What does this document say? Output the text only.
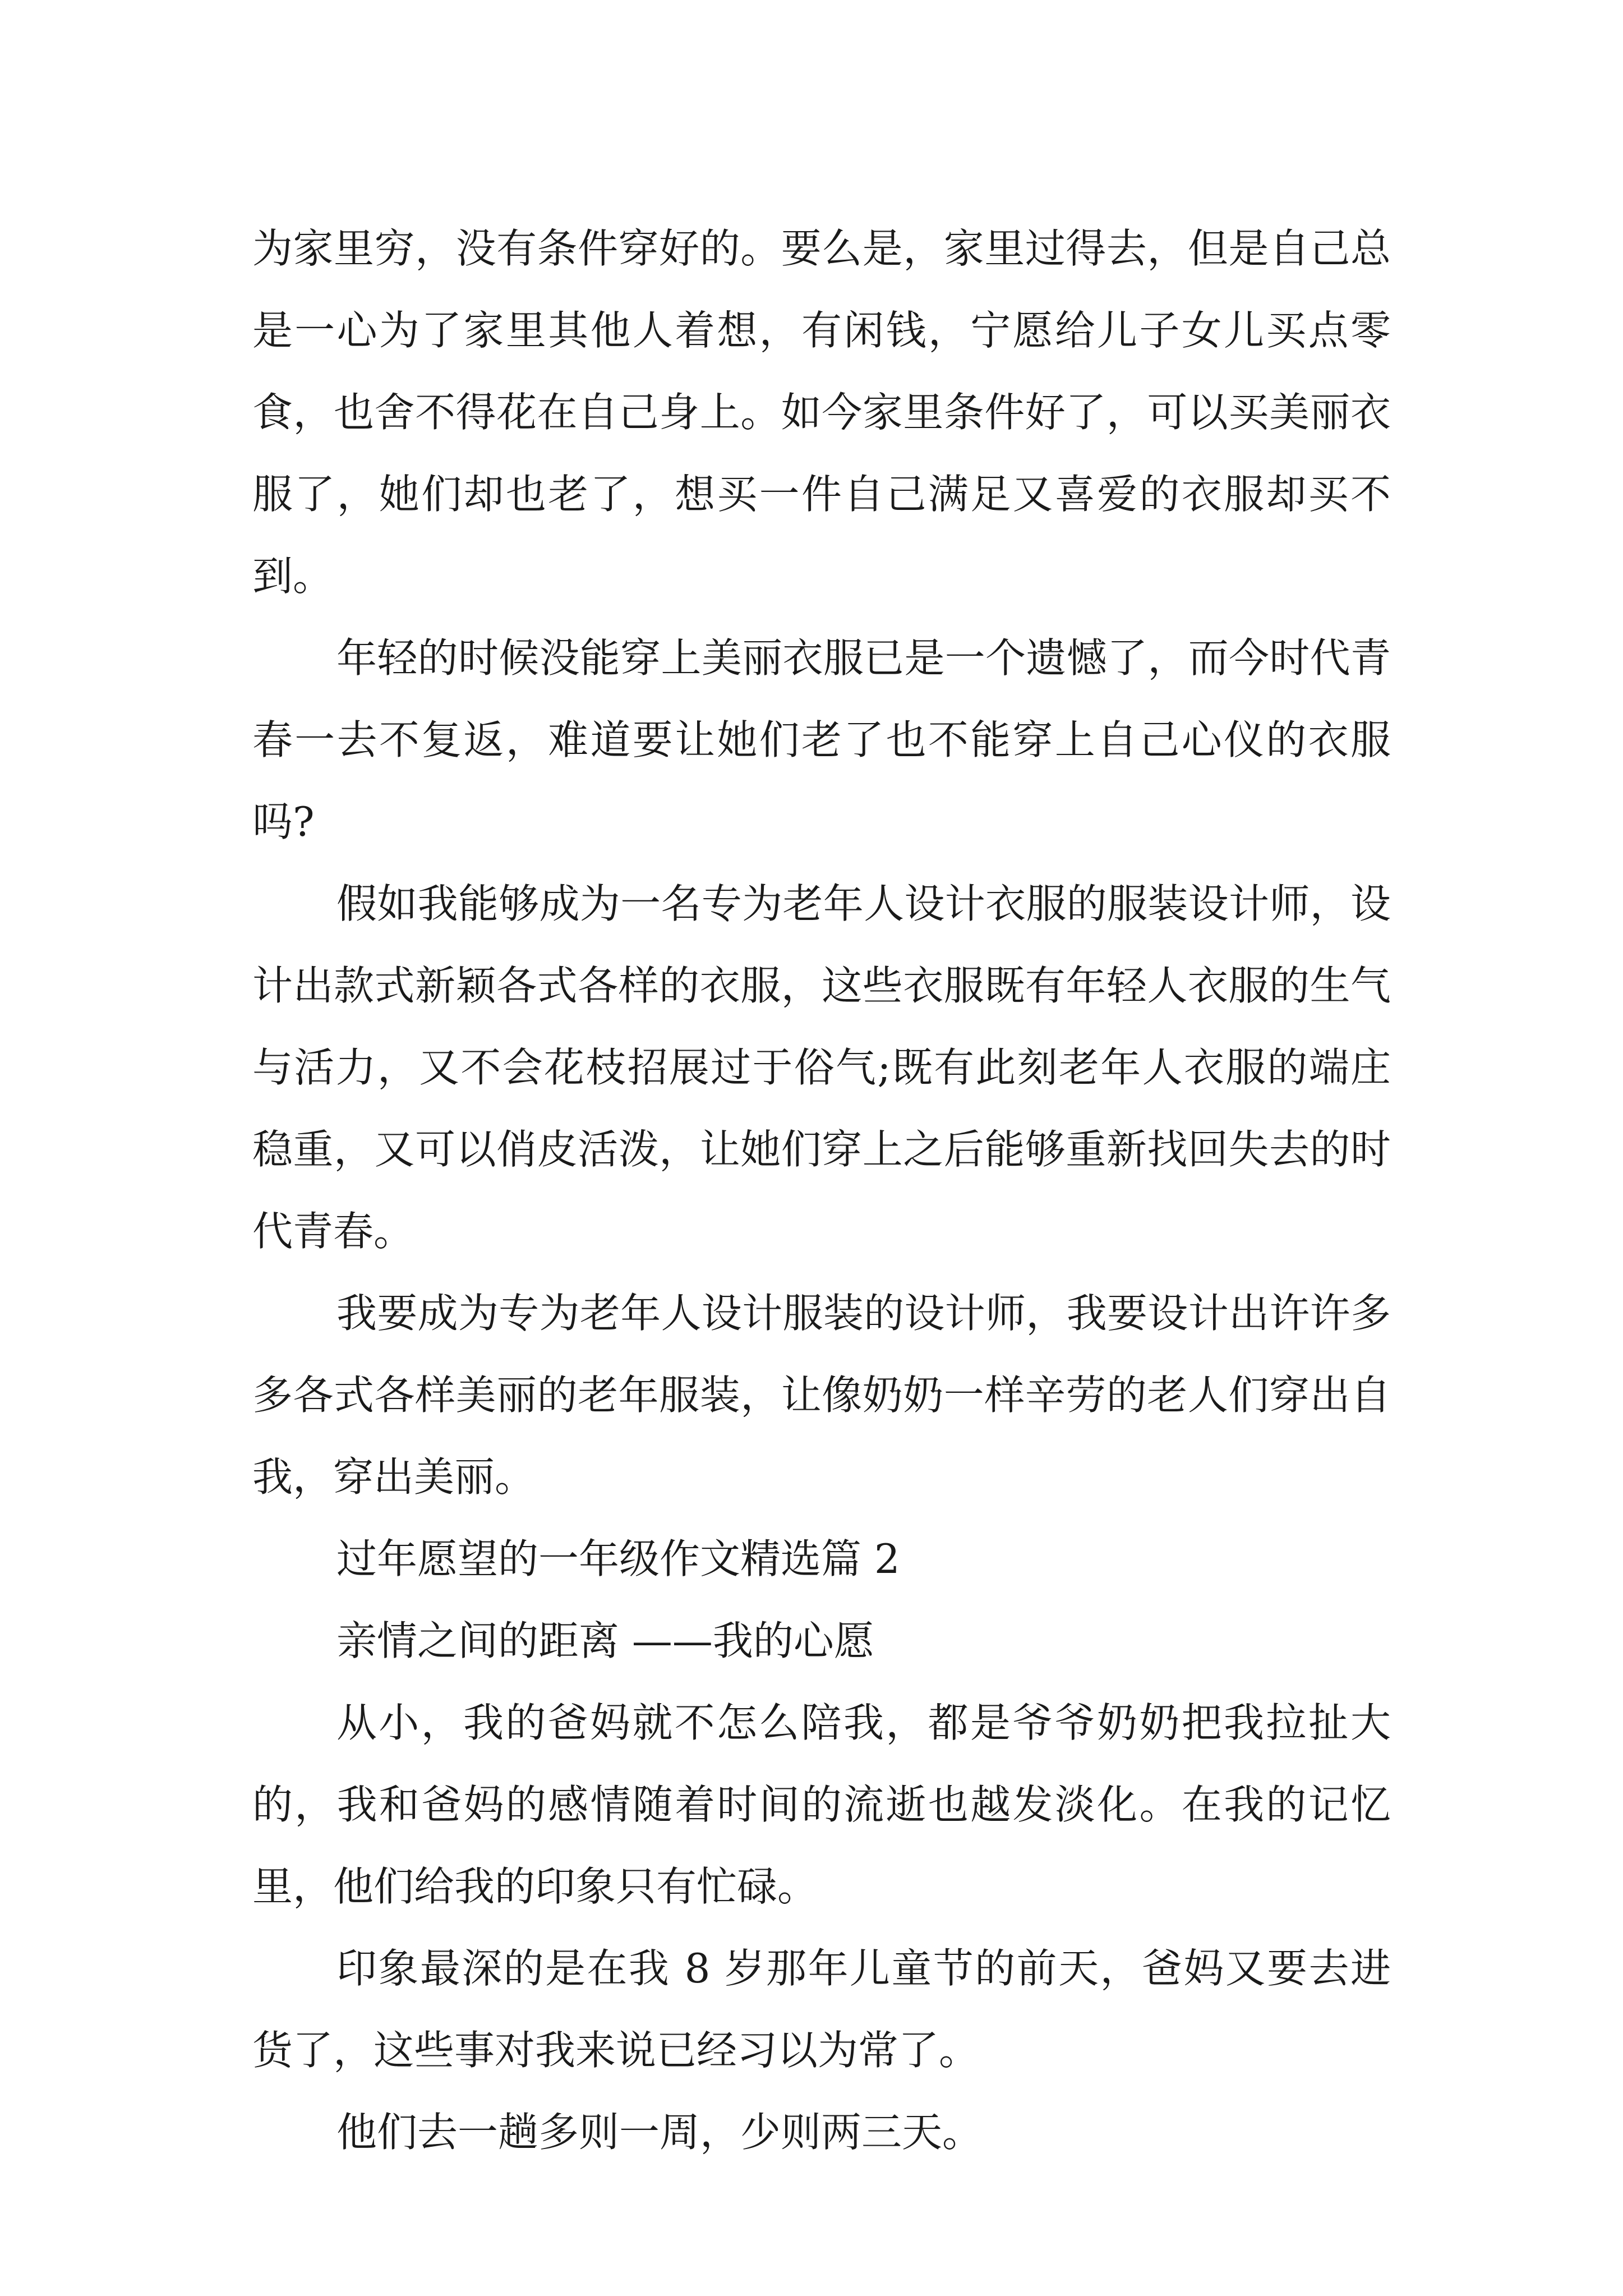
为家里穷，没有条件穿好的。要么是，家里过得去，但是自己总是一心为了家里其他人着想，有闲钱，宁愿给儿子女儿买点零食，也舍不得花在自己身上。如今家里条件好了，可以买美丽衣服了，她们却也老了，想买一件自己满足又喜爱的衣服却买不到。

年轻的时候没能穿上美丽衣服已是一个遗憾了，而今时代青春一去不复返，难道要让她们老了也不能穿上自己心仪的衣服吗?

假如我能够成为一名专为老年人设计衣服的服装设计师，设计出款式新颖各式各样的衣服，这些衣服既有年轻人衣服的生气与活力，又不会花枝招展过于俗气;既有此刻老年人衣服的端庄稳重，又可以俏皮活泼，让她们穿上之后能够重新找回失去的时代青春。

我要成为专为老年人设计服装的设计师，我要设计出许许多多各式各样美丽的老年服装，让像奶奶一样辛劳的老人们穿出自我，穿出美丽。

过年愿望的一年级作文精选篇 2

亲情之间的距离 ——我的心愿

从小，我的爸妈就不怎么陪我，都是爷爷奶奶把我拉扯大的，我和爸妈的感情随着时间的流逝也越发淡化。在我的记忆里，他们给我的印象只有忙碌。

印象最深的是在我 8 岁那年儿童节的前天，爸妈又要去进货了，这些事对我来说已经习以为常了。

他们去一趟多则一周，少则两三天。
